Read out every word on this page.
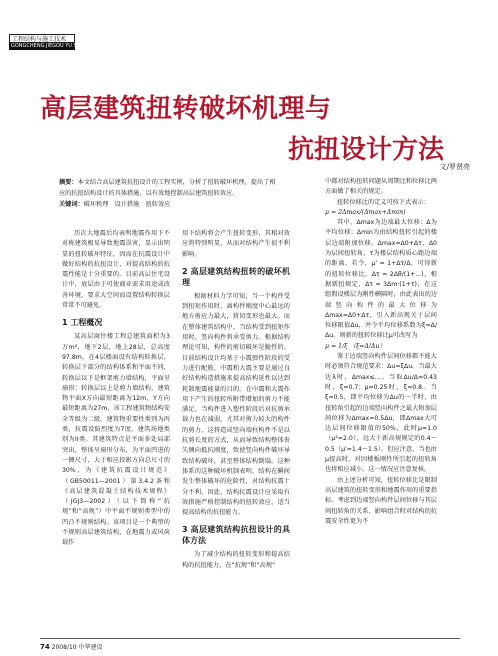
工程结构与施工技术
GONGCHENG JIEGOU YU SHIGONG JISHU
高层建筑扭转破坏机理与
抗扭设计方法
文/罗贤亮

摘要：本文结合高层建筑抗扭设计的工程实例，分析了扭转破坏机理，提出了相应的抗扭结构设计的具体措施，以有效地控制高层建筑扭转效应。

关键词：破坏机理　设计措施　扭转效应

历次大地震后均表明地震作用下不对称建筑极易导致地震误害，显示出明显的扭转破坏特征，因而在抗震设计中做好结构的抗扭设计，对提高结构的抗震性能是十分重要的。目前高层住宅设计中，底层由于可使商业需求用途或改善环境，要求大空间而设置结构转换层常常不可避免。

1 工程概况

某高层商住楼工程总建筑面积为3万m²，地下2层，地上28层，总高度97.8m。在4层楼面设有结构转换层，转换层下部分的结构体系和平面不同，转换层以下是框架剪力墙结构，平面呈扇形；转换层以上是剪力墙结构，建筑物平面X方向最短距离为12m，Y方向最短距离为27m，该工程建筑物结构安全等级为二级，建筑物重要性类别为丙类，抗震设防烈度为7度，建筑场地类别为II类。其建筑特点是平面多处局部突出，整体呈扇形分布，为平面凹进的一侧尺寸，大于相应投影方向总尺寸的30%，为《建筑抗震设计规范》（GB50011—2001）第3.4.2条和《高层建筑混凝土结构技术规程》（JGJ3—2002）（以下简称“抗规”和“高规”）中平面不规则类型中的凹凸不规则结构。该项目是一个典型的不规则高层建筑结构，在地震力或风荷载作

用下结构将会产生扭转变形，其相对效应将特别明显，从而对结构产生很不利影响。

2 高层建筑结构扭转的破坏机理

根据材料力学可知，当一个构件受到扭矩作用时，离构件刚度中心最远的地方剪应力最大，将切变形也最大。而在整体建筑结构中，当结构受到扭矩作用时，竖向构件将承受剪力。根据结构理论可知，构件的剪切破坏是脆性的。目前结构设计均基于小震弹性阶段的受力进行配筋，中震和大震主要是通过良好结构构造措施来提高结构延性以达到耗散地震能量的目的。在中震和大震作用下产生的扭转所附带增加的剪力不能满足，当构件进入塑性阶段后对抗剪承载力也在减弱，尤其对剪力较大的构件的剪力，这将造成竖向端柱构件不是以抗剪长度的方式，从而导致结构整体丧失侧向抵抗刚度，致使竖向构件破坏导致结构破坏，甚至整体结构倒塌。这种体系的这种破坏机制表明，结构在瞬间发生整体破坏的危险性，对结构抗震十分不利。因此，结构抗震设计应采取有效措施严格控制结构的扭转效应，适当提高结构的抗扭能力。

3 高层建筑结构抗扭设计的具体方法

为了减少结构的扭转变形和提高结构的抗扭能力，在“抗规”和“高规”

中都对结构扭转问题从周期比和位移比两方面做了相关的规定。

扭转位移比的定义可按下式表示：

μ = 2Δmax/(Δmax+Δmin)

其中，Δmax为边端最大位移；Δ为平均位移；Δmin为由结构扭转引起的楼层边端附加位移。Δmax=Δ0+Δτ，Δ0为层间扭转角，τ为楼层结构质心距边端的距离。若令，μ' = 1+Δτ/Δ，可得新的扭转位移比，Δτ = 2Δθ/(1+...)，根据新扭规定，Δτ = 3Δm·(1+τ)，在这组假设楼层为刚性横隔时，由此表出的边端竖向构件的最大位移为Δmax=Δ0+Δτ，引入新高规关于层间位移限值Δu，并令平均位移系数为ξ=Δ/Δu。则新的扭转位移比μ可改写为

μ = 1/ξ （ξ=Δ/Δu）

鉴于边端竖向构件层间位移都不能大时必须符合规范要求：Δu=ξΔu。当最大达λ时，Δmax≤...。当取Δu/Δ=0.43时，ξ=0.7；μ=0.25时，ξ=0.8。当ξ=0.5，即平均位移为Δu的一半时，由扭转角引起的边端竖向构件之最大附加层间位移为Δmax=0.5Δu，即Δmax大可达层间位移限值的50%，此时μ=1.0（μ²=2.0），远大于新高规规定的0.4～0.5（μ'=1.4～1.5）。但应注意，当也由μ提高时，对因楼板刚性所引起的扭转角也将相应减小，这一情况应注意复核。

由上述分析可知，扭转位移比是限制高层建筑的扭转变形和地震作用的重要指标。考虑到边端竖向构件层间位移与其层间扭转角的关系，影响组合时对结构的抗震安全性更为不

74 2008/10 中华建设
